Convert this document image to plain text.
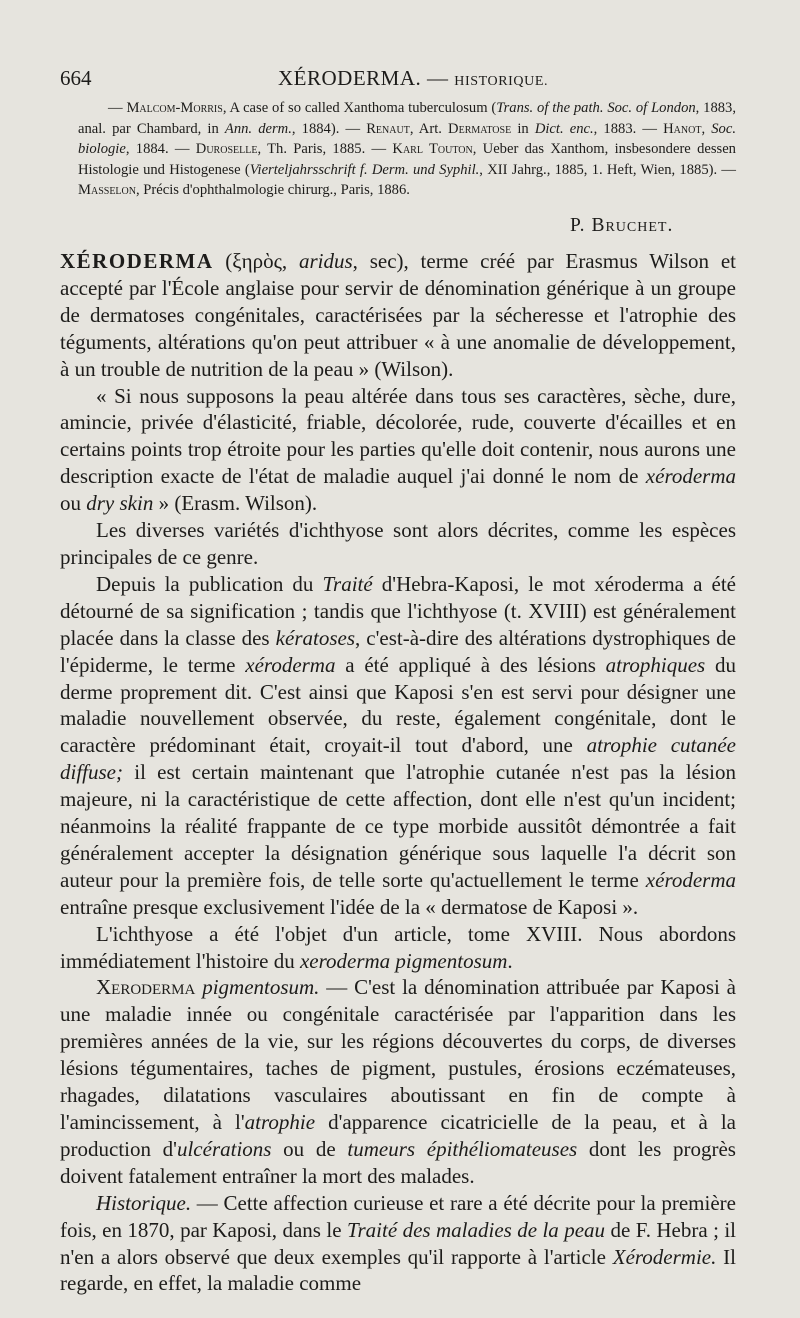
664	XÉRODERMA. — HISTORIQUE.

— Malcom-Morris, A case of so called Xanthoma tuberculosum (Trans. of the path. Soc. of London, 1883, anal. par Chambard, in Ann. derm., 1884). — Renaut, Art. Dermatose in Dict. enc., 1883. — Hanot, Soc. biologie, 1884. — Duroselle, Th. Paris, 1885. — Karl Touton, Ueber das Xanthom, insbesondere dessen Histologie und Histogenese (Vierteljahrsschrift f. Derm. und Syphil., XII Jahrg., 1885, 1. Heft, Wien, 1885). — Masselon, Précis d'ophthalmologie chirurg., Paris, 1886.

P. Bruchet.

XÉRODERMA (ξηρὸς, aridus, sec), terme créé par Erasmus Wilson et accepté par l'École anglaise pour servir de dénomination générique à un groupe de dermatoses congénitales, caractérisées par la sécheresse et l'atrophie des téguments, altérations qu'on peut attribuer « à une anomalie de développement, à un trouble de nutrition de la peau » (Wilson).

« Si nous supposons la peau altérée dans tous ses caractères, sèche, dure, amincie, privée d'élasticité, friable, décolorée, rude, couverte d'écailles et en certains points trop étroite pour les parties qu'elle doit contenir, nous aurons une description exacte de l'état de maladie auquel j'ai donné le nom de xéroderma ou dry skin » (Erasm. Wilson).

Les diverses variétés d'ichthyose sont alors décrites, comme les espèces principales de ce genre.

Depuis la publication du Traité d'Hebra-Kaposi, le mot xéroderma a été détourné de sa signification ; tandis que l'ichthyose (t. XVIII) est généralement placée dans la classe des kératoses, c'est-à-dire des altérations dystrophiques de l'épiderme, le terme xéroderma a été appliqué à des lésions atrophiques du derme proprement dit. C'est ainsi que Kaposi s'en est servi pour désigner une maladie nouvellement observée, du reste, également congénitale, dont le caractère prédominant était, croyait-il tout d'abord, une atrophie cutanée diffuse; il est certain maintenant que l'atrophie cutanée n'est pas la lésion majeure, ni la caractéristique de cette affection, dont elle n'est qu'un incident; néanmoins la réalité frappante de ce type morbide aussitôt démontrée a fait généralement accepter la désignation générique sous laquelle l'a décrit son auteur pour la première fois, de telle sorte qu'actuellement le terme xéroderma entraîne presque exclusivement l'idée de la « dermatose de Kaposi ».

L'ichthyose a été l'objet d'un article, tome XVIII. Nous abordons immédiatement l'histoire du xeroderma pigmentosum.

Xeroderma pigmentosum. — C'est la dénomination attribuée par Kaposi à une maladie innée ou congénitale caractérisée par l'apparition dans les premières années de la vie, sur les régions découvertes du corps, de diverses lésions tégumentaires, taches de pigment, pustules, érosions eczémateuses, rhagades, dilatations vasculaires aboutissant en fin de compte à l'amincissement, à l'atrophie d'apparence cicatricielle de la peau, et à la production d'ulcérations ou de tumeurs épithéliomateuses dont les progrès doivent fatalement entraîner la mort des malades.

Historique. — Cette affection curieuse et rare a été décrite pour la première fois, en 1870, par Kaposi, dans le Traité des maladies de la peau de F. Hebra ; il n'en a alors observé que deux exemples qu'il rapporte à l'article Xérodermie. Il regarde, en effet, la maladie comme
